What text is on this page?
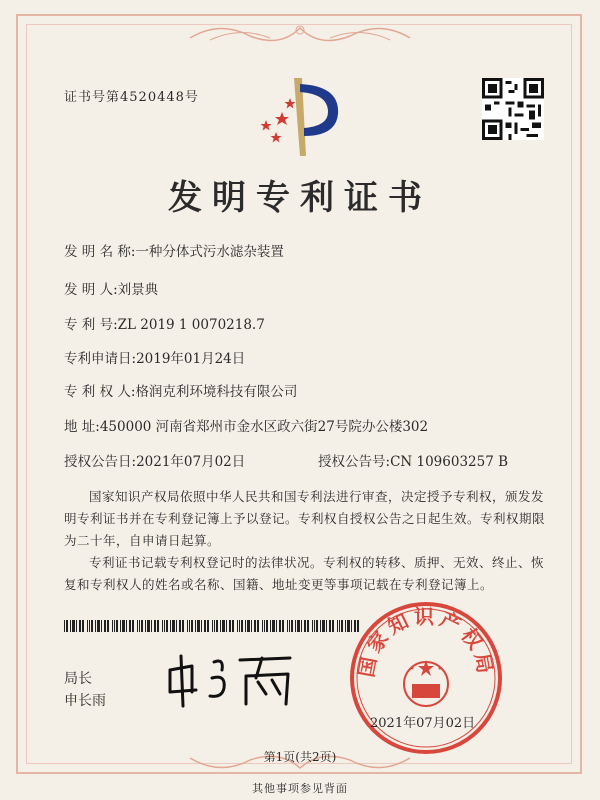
证书号第4520448号
发明专利证书
发 明 名 称:一种分体式污水滤杂装置
发 明 人:刘景典
专 利 号:ZL 2019 1 0070218.7
专利申请日:2019年01月24日
专 利 权 人:格润克利环境科技有限公司
地 址:450000 河南省郑州市金水区政六街27号院办公楼302
授权公告日:2021年07月02日	授权公告号:CN 109603257 B
国家知识产权局依照中华人民共和国专利法进行审查，决定授予专利权，颁发发明专利证书并在专利登记簿上予以登记。专利权自授权公告之日起生效。专利权期限为二十年，自申请日起算。
专利证书记载专利权登记时的法律状况。专利权的转移、质押、无效、终止、恢复和专利权人的姓名或名称、国籍、地址变更等事项记载在专利登记簿上。
局长
申长雨
国家知识产权局
2021年07月02日
第1页(共2页)
其他事项参见背面
